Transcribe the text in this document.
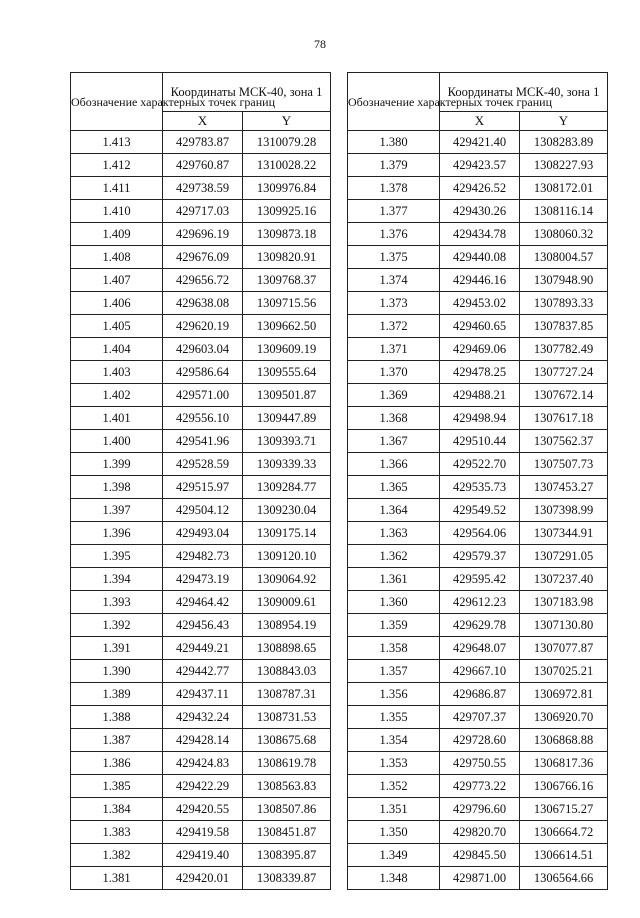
78
Обозначение характерных точек границ	Координаты МСК-40, зона 1	
	X	Y
1.413	429783.87	1310079.28
1.412	429760.87	1310028.22
1.411	429738.59	1309976.84
1.410	429717.03	1309925.16
1.409	429696.19	1309873.18
1.408	429676.09	1309820.91
1.407	429656.72	1309768.37
1.406	429638.08	1309715.56
1.405	429620.19	1309662.50
1.404	429603.04	1309609.19
1.403	429586.64	1309555.64
1.402	429571.00	1309501.87
1.401	429556.10	1309447.89
1.400	429541.96	1309393.71
1.399	429528.59	1309339.33
1.398	429515.97	1309284.77
1.397	429504.12	1309230.04
1.396	429493.04	1309175.14
1.395	429482.73	1309120.10
1.394	429473.19	1309064.92
1.393	429464.42	1309009.61
1.392	429456.43	1308954.19
1.391	429449.21	1308898.65
1.390	429442.77	1308843.03
1.389	429437.11	1308787.31
1.388	429432.24	1308731.53
1.387	429428.14	1308675.68
1.386	429424.83	1308619.78
1.385	429422.29	1308563.83
1.384	429420.55	1308507.86
1.383	429419.58	1308451.87
1.382	429419.40	1308395.87
1.381	429420.01	1308339.87
Обозначение характерных точек границ	Координаты МСК-40, зона 1	
	X	Y
1.380	429421.40	1308283.89
1.379	429423.57	1308227.93
1.378	429426.52	1308172.01
1.377	429430.26	1308116.14
1.376	429434.78	1308060.32
1.375	429440.08	1308004.57
1.374	429446.16	1307948.90
1.373	429453.02	1307893.33
1.372	429460.65	1307837.85
1.371	429469.06	1307782.49
1.370	429478.25	1307727.24
1.369	429488.21	1307672.14
1.368	429498.94	1307617.18
1.367	429510.44	1307562.37
1.366	429522.70	1307507.73
1.365	429535.73	1307453.27
1.364	429549.52	1307398.99
1.363	429564.06	1307344.91
1.362	429579.37	1307291.05
1.361	429595.42	1307237.40
1.360	429612.23	1307183.98
1.359	429629.78	1307130.80
1.358	429648.07	1307077.87
1.357	429667.10	1307025.21
1.356	429686.87	1306972.81
1.355	429707.37	1306920.70
1.354	429728.60	1306868.88
1.353	429750.55	1306817.36
1.352	429773.22	1306766.16
1.351	429796.60	1306715.27
1.350	429820.70	1306664.72
1.349	429845.50	1306614.51
1.348	429871.00	1306564.66
